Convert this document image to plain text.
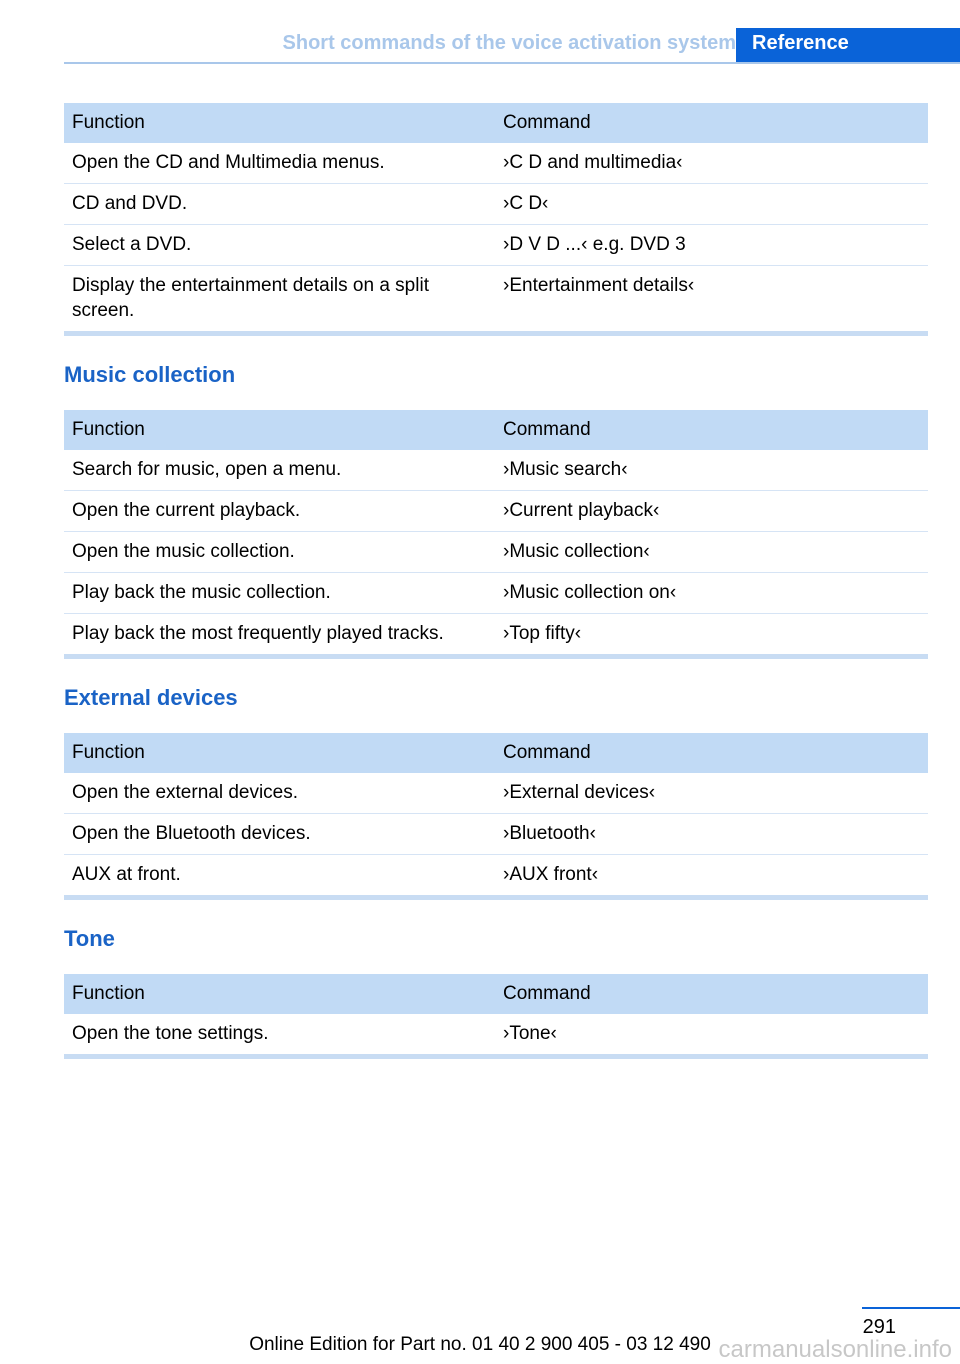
Short commands of the voice activation system Reference
Function	Command
Open the CD and Multimedia menus.	›C D and multimedia‹
CD and DVD.	›C D‹
Select a DVD.	›D V D ...‹ e.g. DVD 3
Display the entertainment details on a split screen.	›Entertainment details‹
Music collection
Function	Command
Search for music, open a menu.	›Music search‹
Open the current playback.	›Current playback‹
Open the music collection.	›Music collection‹
Play back the music collection.	›Music collection on‹
Play back the most frequently played tracks.	›Top fifty‹
External devices
Function	Command
Open the external devices.	›External devices‹
Open the Bluetooth devices.	›Bluetooth‹
AUX at front.	›AUX front‹
Tone
Function	Command
Open the tone settings.	›Tone‹
291
Online Edition for Part no. 01 40 2 900 405 - 03 12 490 carmanualsonline.info
